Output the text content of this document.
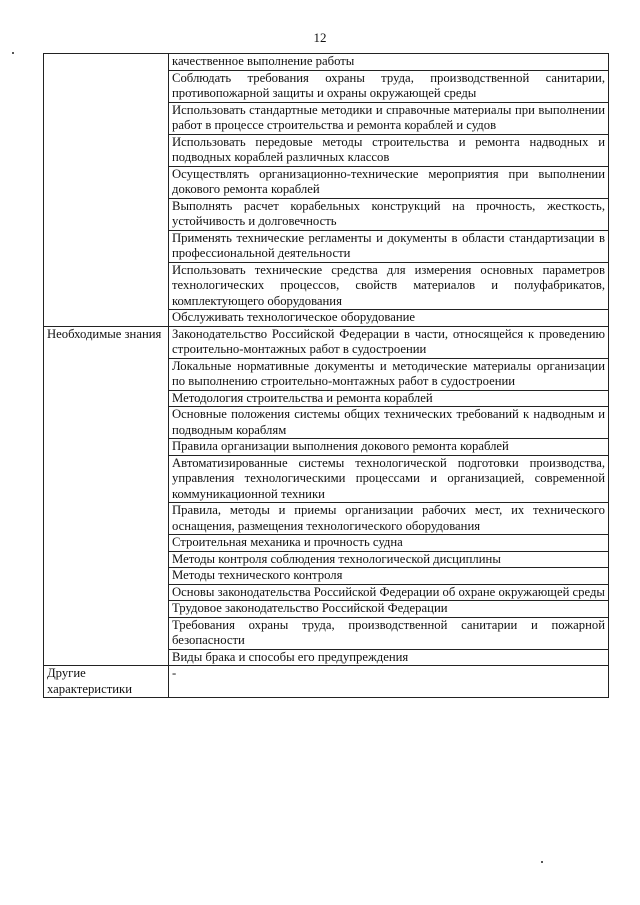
12
	качественное выполнение работы
	Соблюдать требования охраны труда, производственной санитарии, противопожарной защиты и охраны окружающей среды
	Использовать стандартные методики и справочные материалы при выполнении работ в процессе строительства и ремонта кораблей и судов
	Использовать передовые методы строительства и ремонта надводных и подводных кораблей различных классов
	Осуществлять организационно-технические мероприятия при выполнении докового ремонта кораблей
	Выполнять расчет корабельных конструкций на прочность, жесткость, устойчивость и долговечность
	Применять технические регламенты и документы в области стандартизации в профессиональной деятельности
	Использовать технические средства для измерения основных параметров технологических процессов, свойств материалов и полуфабрикатов, комплектующего оборудования
	Обслуживать технологическое оборудование
Необходимые знания	Законодательство Российской Федерации в части, относящейся к проведению строительно-монтажных работ в судостроении
	Локальные нормативные документы и методические материалы организации по выполнению строительно-монтажных работ в судостроении
	Методология строительства и ремонта кораблей
	Основные положения системы общих технических требований к надводным и подводным кораблям
	Правила организации выполнения докового ремонта кораблей
	Автоматизированные системы технологической подготовки производства, управления технологическими процессами и организацией, современной коммуникационной техники
	Правила, методы и приемы организации рабочих мест, их технического оснащения, размещения технологического оборудования
	Строительная механика и прочность судна
	Методы контроля соблюдения технологической дисциплины
	Методы технического контроля
	Основы законодательства Российской Федерации об охране окружающей среды
	Трудовое законодательство Российской Федерации
	Требования охраны труда, производственной санитарии и пожарной безопасности
	Виды брака и способы его предупреждения
Другие характеристики	-
